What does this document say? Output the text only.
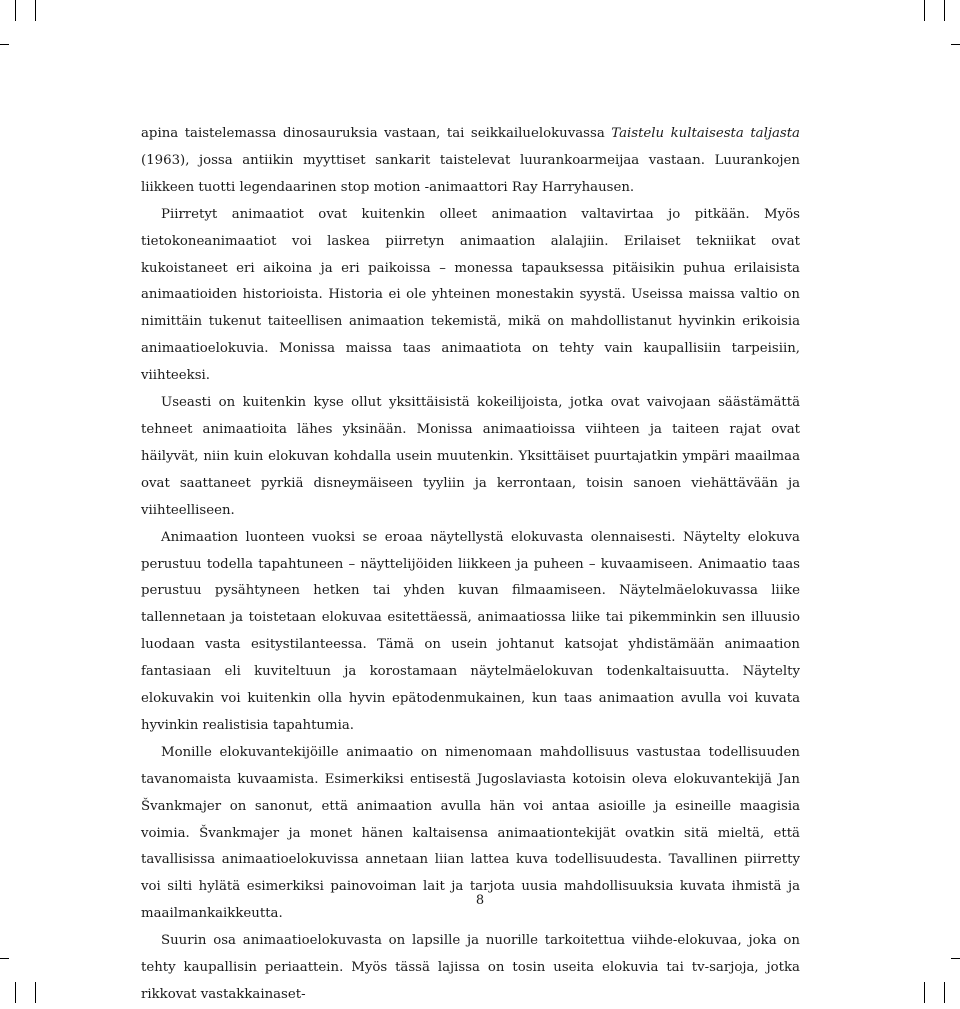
apina taistelemassa dinosauruksia vastaan, tai seikkailuelokuvassa Taistelu kultaisesta taljasta (1963), jossa antiikin myyttiset sankarit taistelevat luurankoarmeijaa vastaan. Luurankojen liikkeen tuotti legendaarinen stop motion -animaattori Ray Harryhausen.

Piirretyt animaatiot ovat kuitenkin olleet animaation valtavirtaa jo pitkään. Myös tietokoneanimaatiot voi laskea piirretyn animaation alalajiin. Erilaiset tekniikat ovat kukoistaneet eri aikoina ja eri paikoissa – monessa tapauksessa pitäisikin puhua erilaisista animaatioiden historioista. Historia ei ole yhteinen monestakin syystä. Useissa maissa valtio on nimittäin tukenut taiteellisen animaation tekemistä, mikä on mahdollistanut hyvinkin erikoisia animaatioelokuvia. Monissa maissa taas animaatiota on tehty vain kaupallisiin tarpeisiin, viihteeksi.

Useasti on kuitenkin kyse ollut yksittäisistä kokeilijoista, jotka ovat vaivojaan säästämättä tehneet animaatioita lähes yksinään. Monissa animaatioissa viihteen ja taiteen rajat ovat häilyvät, niin kuin elokuvan kohdalla usein muutenkin. Yksittäiset puurtajatkin ympäri maailmaa ovat saattaneet pyrkiä disneymäiseen tyyliin ja kerrontaan, toisin sanoen viehättävään ja viihteelliseen.

Animaation luonteen vuoksi se eroaa näytellystä elokuvasta olennaisesti. Näytelty elokuva perustuu todella tapahtuneen – näyttelijöiden liikkeen ja puheen – kuvaamiseen. Animaatio taas perustuu pysähtyneen hetken tai yhden kuvan filmaamiseen. Näytelmäelokuvassa liike tallennetaan ja toistetaan elokuvaa esitettäessä, animaatiossa liike tai pikemminkin sen illuusio luodaan vasta esitystilanteessa. Tämä on usein johtanut katsojat yhdistämään animaation fantasiaan eli kuviteltuun ja korostamaan näytelmäelokuvan todenkaltaisuutta. Näytelty elokuvakin voi kuitenkin olla hyvin epätodenmukainen, kun taas animaation avulla voi kuvata hyvinkin realistisia tapahtumia.

Monille elokuvantekijöille animaatio on nimenomaan mahdollisuus vastustaa todellisuuden tavanomaista kuvaamista. Esimerkiksi entisestä Jugoslaviasta kotoisin oleva elokuvantekijä Jan Švankmajer on sanonut, että animaation avulla hän voi antaa asioille ja esineille maagisia voimia. Švankmajer ja monet hänen kaltaisensa animaationtekijät ovatkin sitä mieltä, että tavallisissa animaatioelokuvissa annetaan liian lattea kuva todellisuudesta. Tavallinen piirretty voi silti hylätä esimerkiksi painovoiman lait ja tarjota uusia mahdollisuuksia kuvata ihmistä ja maailmankaikkeutta.

Suurin osa animaatioelokuvasta on lapsille ja nuorille tarkoitettua viihde-elokuvaa, joka on tehty kaupallisin periaattein. Myös tässä lajissa on tosin useita elokuvia tai tv-sarjoja, jotka rikkovat vastakkainaset-

8
